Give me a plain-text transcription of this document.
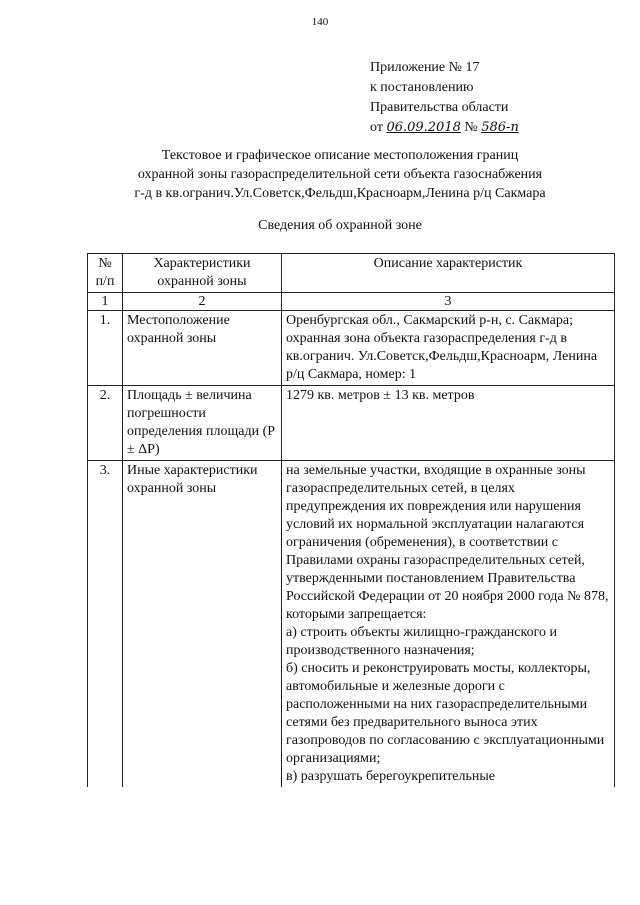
140
Приложение № 17
к постановлению
Правительства области
от 06.09.2018 № 586-п
Текстовое и графическое описание местоположения границ
охранной зоны газораспределительной сети объекта газоснабжения
г-д в кв.огранич.Ул.Советск,Фельдш,Красноарм,Ленина р/ц Сакмара
Сведения об охранной зоне
№ п/п	Характеристики охранной зоны	Описание характеристик
1	2	3
1.	Местоположение охранной зоны	Оренбургская обл., Сакмарский р-н, с. Сакмара; охранная зона объекта газораспределения г-д в кв.огранич. Ул.Советск,Фельдш,Красноарм, Ленина р/ц Сакмара, номер: 1
2.	Площадь ± величина погрешности определения площади (P ± ΔP)	1279 кв. метров ± 13 кв. метров
3.	Иные характеристики охранной зоны	на земельные участки, входящие в охранные зоны газораспределительных сетей, в целях предупреждения их повреждения или нарушения условий их нормальной эксплуатации налагаются ограничения (обременения), в соответствии с Правилами охраны газораспределительных сетей, утвержденными постановлением Правительства Российской Федерации от 20 ноября 2000 года № 878, которыми запрещается:
а) строить объекты жилищно-гражданского и производственного назначения;
б) сносить и реконструировать мосты, коллекторы, автомобильные и железные дороги с расположенными на них газораспределительными сетями без предварительного выноса этих газопроводов по согласованию с эксплуатационными организациями;
в) разрушать берегоукрепительные
